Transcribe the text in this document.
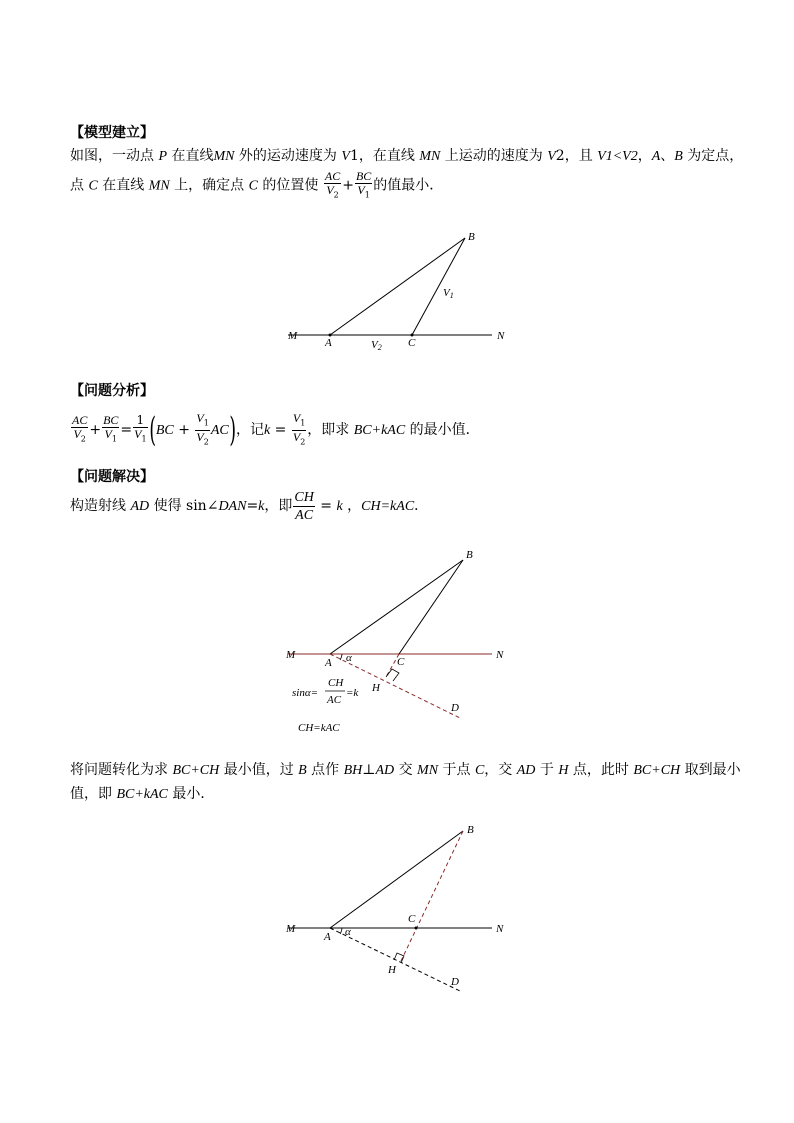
【模型建立】
如图，一动点 P 在直线MN 外的运动速度为 V1，在直线 MN 上运动的速度为 V2，且 V1<V2，A、B 为定点，
点 C 在直线 MN 上，确定点 C 的位置使 $\frac{AC}{V_2} + \frac{BC}{V_1}$ 的值最小．
M	N
A	C
B
V1
V2
【问题分析】
$\frac{AC}{V_2} + \frac{BC}{V_1} = \frac{1}{V_1} (BC + \frac{V_1}{V_2} AC)$，记$k = \frac{V_1}{V_2}$ ，即求 BC+kAC 的最小值．
【问题解决】
构造射线 AD 使得 sin∠DAN=k，即 $\frac{CH}{AC} = k$ ，CH=kAC．
M	N
A	C
B
H
D
α
sinα=
CH
AC
=k
CH=kAC
将问题转化为求 BC+CH 最小值，过 B 点作 BH⊥AD 交 MN 于点 C，交 AD 于 H 点，此时 BC+CH 取到最小
值，即 BC+kAC 最小．
M	N
A
C
B
H
D
α
